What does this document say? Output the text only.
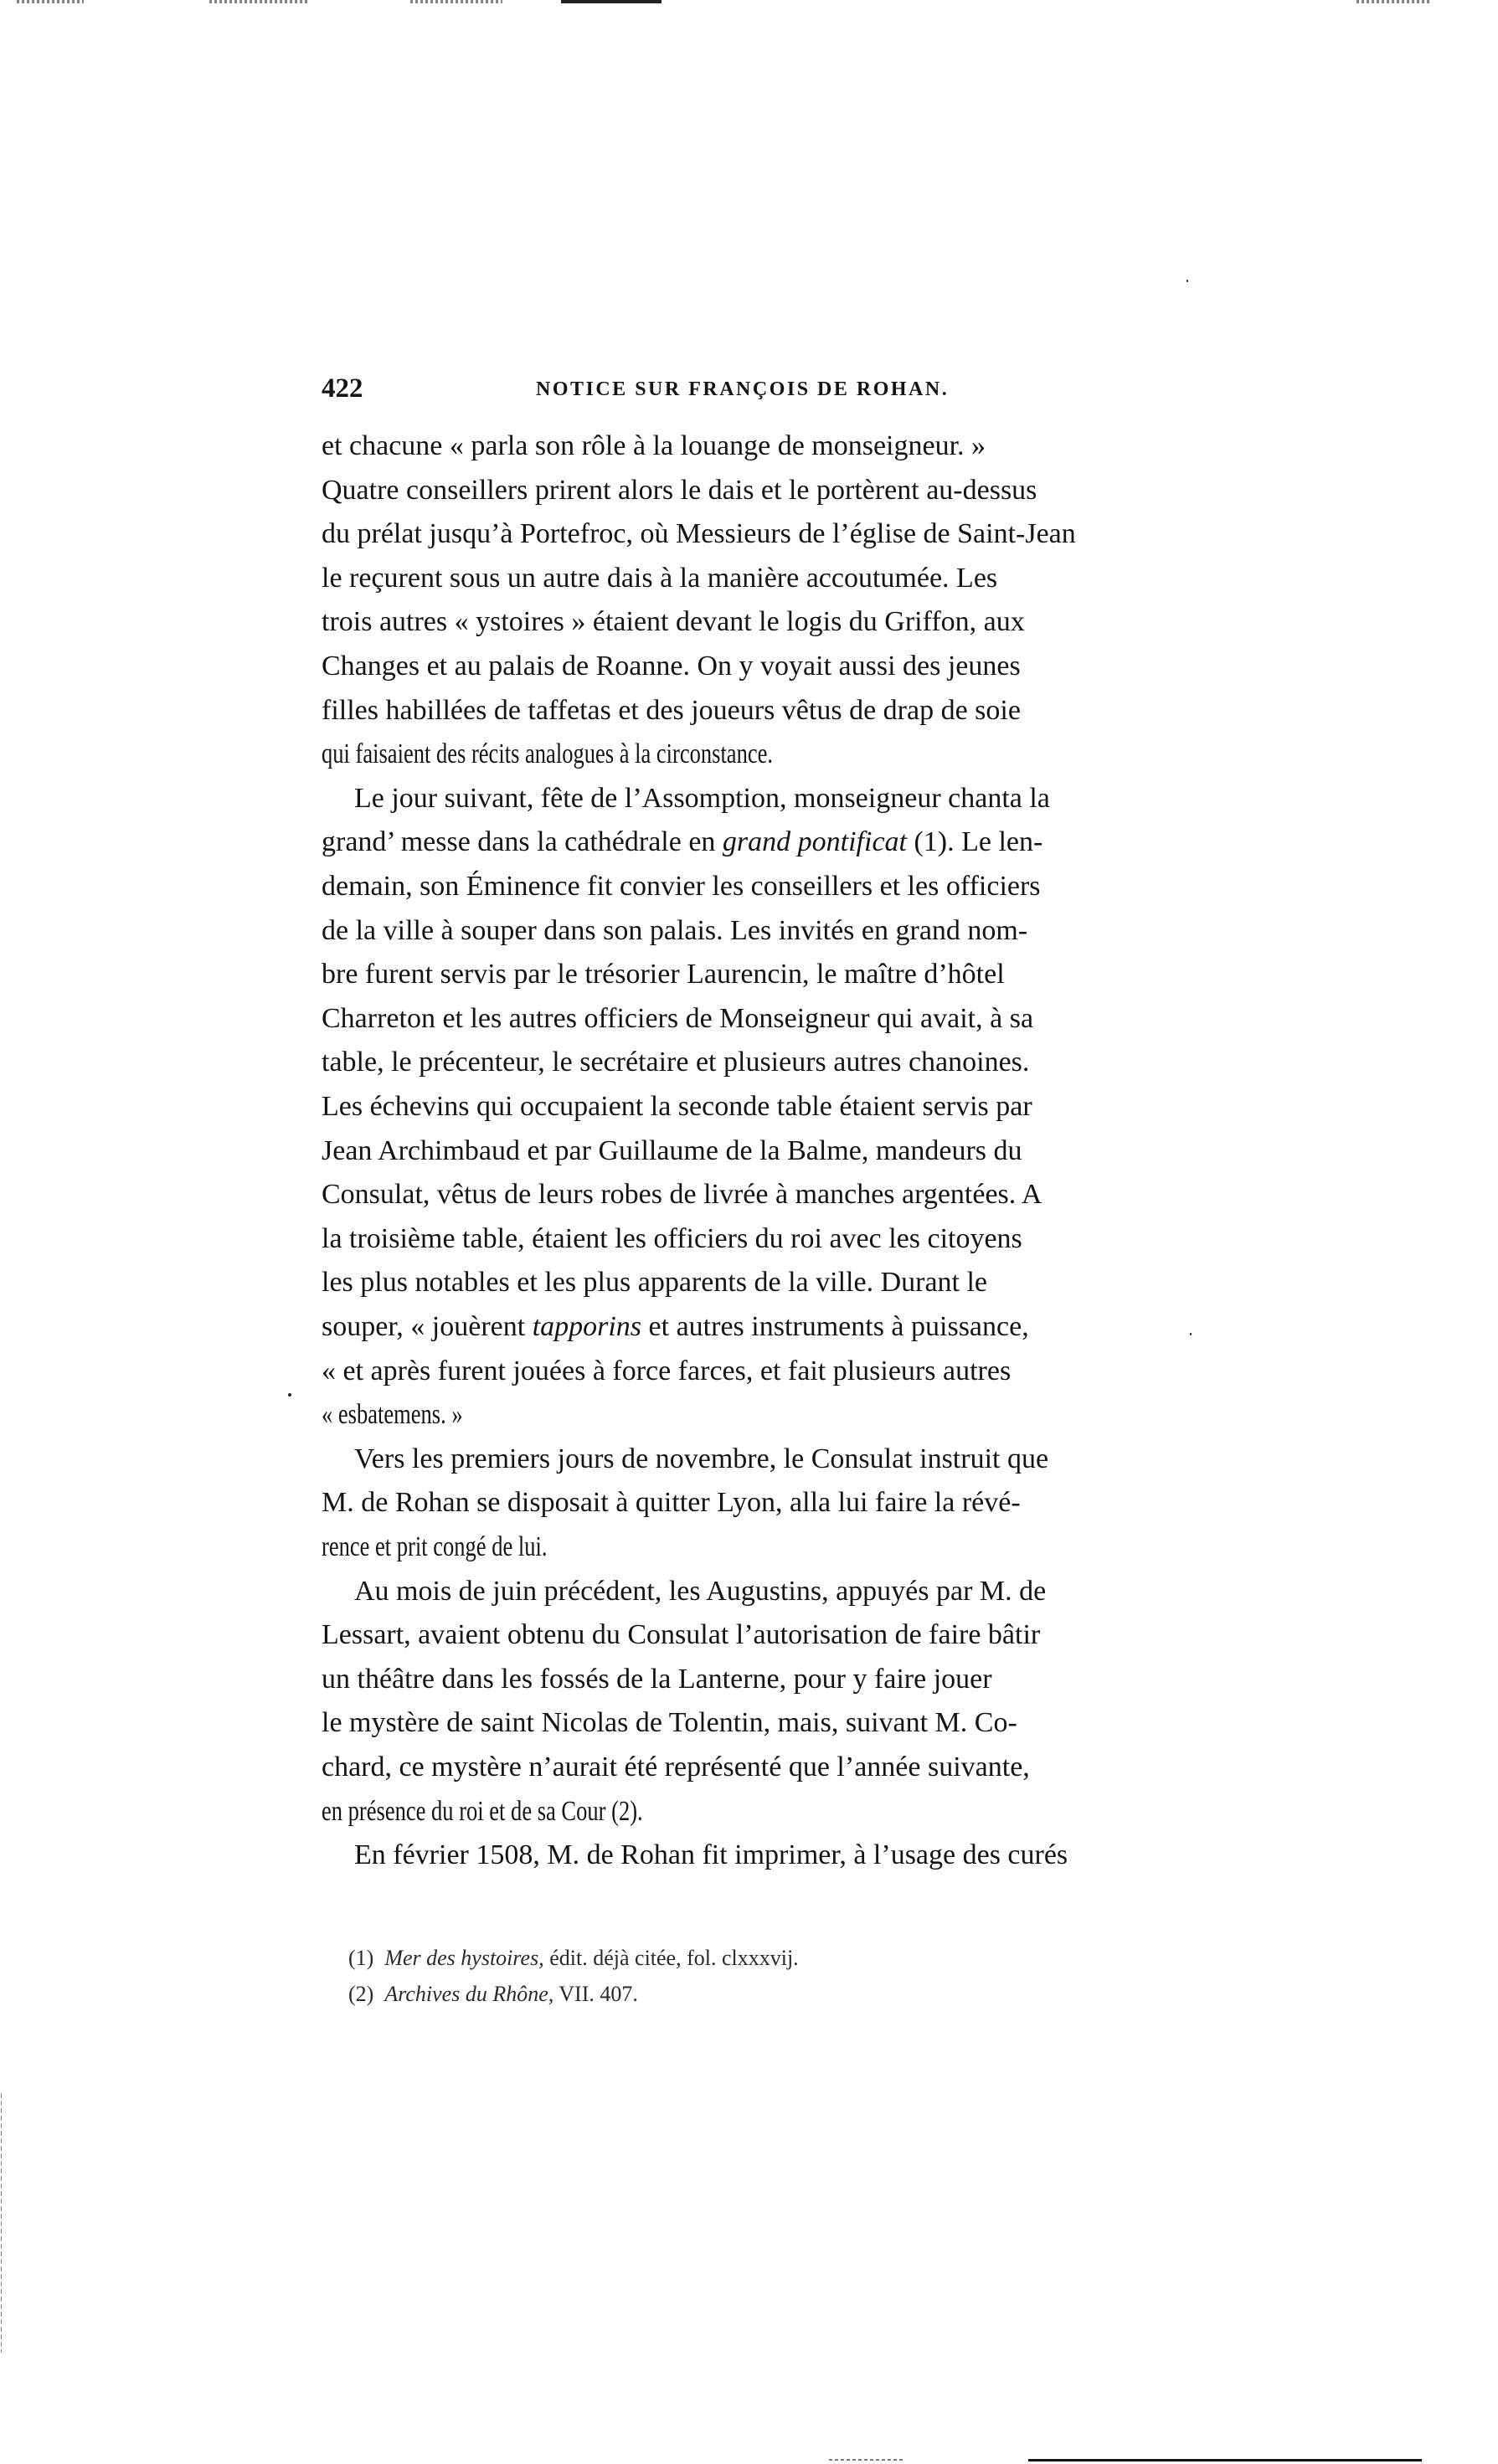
422	NOTICE SUR FRANÇOIS DE ROHAN.
et chacune « parla son rôle à la louange de monseigneur. »
Quatre conseillers prirent alors le dais et le portèrent au-dessus
du prélat jusqu’à Portefroc, où Messieurs de l’église de Saint-Jean
le reçurent sous un autre dais à la manière accoutumée. Les
trois autres « ystoires » étaient devant le logis du Griffon, aux
Changes et au palais de Roanne. On y voyait aussi des jeunes
filles habillées de taffetas et des joueurs vêtus de drap de soie
qui faisaient des récits analogues à la circonstance.
Le jour suivant, fête de l’Assomption, monseigneur chanta la
grand’ messe dans la cathédrale en grand pontificat (1). Le len-
demain, son Éminence fit convier les conseillers et les officiers
de la ville à souper dans son palais. Les invités en grand nom-
bre furent servis par le trésorier Laurencin, le maître d’hôtel
Charreton et les autres officiers de Monseigneur qui avait, à sa
table, le précenteur, le secrétaire et plusieurs autres chanoines.
Les échevins qui occupaient la seconde table étaient servis par
Jean Archimbaud et par Guillaume de la Balme, mandeurs du
Consulat, vêtus de leurs robes de livrée à manches argentées. A
la troisième table, étaient les officiers du roi avec les citoyens
les plus notables et les plus apparents de la ville. Durant le
souper, « jouèrent tapporins et autres instruments à puissance,
« et après furent jouées à force farces, et fait plusieurs autres
« esbatemens. »
Vers les premiers jours de novembre, le Consulat instruit que
M. de Rohan se disposait à quitter Lyon, alla lui faire la révé-
rence et prit congé de lui.
Au mois de juin précédent, les Augustins, appuyés par M. de
Lessart, avaient obtenu du Consulat l’autorisation de faire bâtir
un théâtre dans les fossés de la Lanterne, pour y faire jouer
le mystère de saint Nicolas de Tolentin, mais, suivant M. Co-
chard, ce mystère n’aurait été représenté que l’année suivante,
en présence du roi et de sa Cour (2).
En février 1508, M. de Rohan fit imprimer, à l’usage des curés
(1)  Mer des hystoires, édit. déjà citée, fol. clxxxvij.
(2)  Archives du Rhône, VII. 407.
